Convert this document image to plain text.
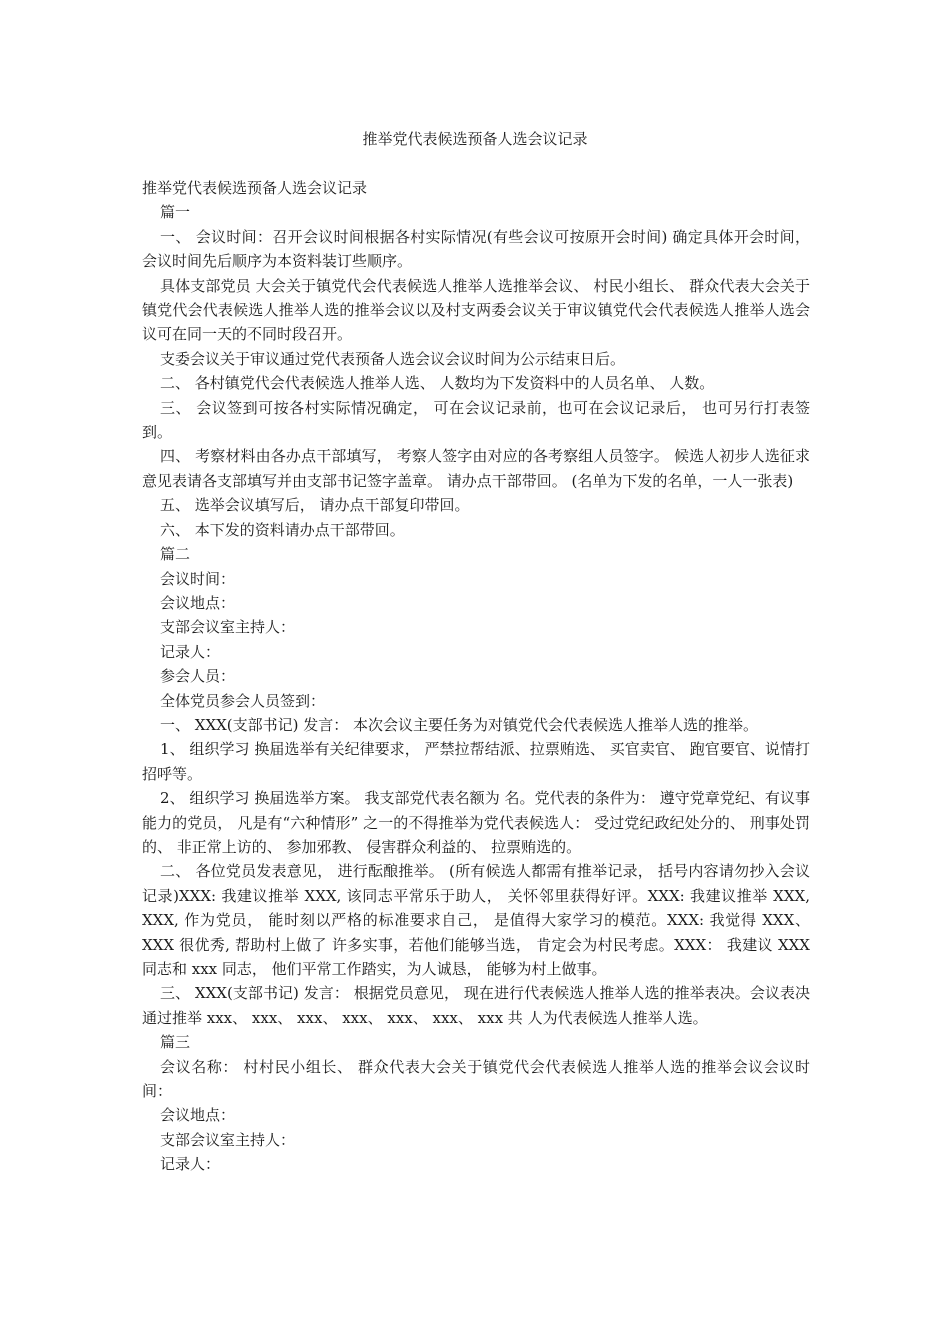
推举党代表候选预备人选会议记录

推举党代表候选预备人选会议记录

篇一

一、 会议时间：召开会议时间根据各村实际情况(有些会议可按原开会时间) 确定具体开会时间， 会议时间先后顺序为本资料装订些顺序。

具体支部党员 大会关于镇党代会代表候选人推举人选推举会议、 村民小组长、 群众代表大会关于镇党代会代表候选人推举人选的推举会议以及村支两委会议关于审议镇党代会代表候选人推举人选会议可在同一天的不同时段召开。

支委会议关于审议通过党代表预备人选会议会议时间为公示结束日后。

二、 各村镇党代会代表候选人推举人选、 人数均为下发资料中的人员名单、 人数。

三、 会议签到可按各村实际情况确定， 可在会议记录前，也可在会议记录后， 也可另行打表签到。

四、 考察材料由各办点干部填写， 考察人签字由对应的各考察组人员签字。 候选人初步人选征求意见表请各支部填写并由支部书记签字盖章。 请办点干部带回。 (名单为下发的名单，一人一张表)

五、 选举会议填写后， 请办点干部复印带回。

六、 本下发的资料请办点干部带回。

篇二

会议时间：

会议地点：

支部会议室主持人：

记录人：

参会人员：

全体党员参会人员签到：

一、 XXX(支部书记) 发言： 本次会议主要任务为对镇党代会代表候选人推举人选的推举。

1、 组织学习 换届选举有关纪律要求， 严禁拉帮结派、拉票贿选、 买官卖官、 跑官要官、说情打招呼等。

2、 组织学习 换届选举方案。 我支部党代表名额为 名。党代表的条件为： 遵守党章党纪、有议事能力的党员， 凡是有“六种情形” 之一的不得推举为党代表候选人： 受过党纪政纪处分的、 刑事处罚的、 非正常上访的、 参加邪教、 侵害群众利益的、 拉票贿选的。

二、 各位党员发表意见， 进行酝酿推举。 (所有候选人都需有推举记录， 括号内容请勿抄入会议记录)XXX: 我建议推举 XXX, 该同志平常乐于助人， 关怀邻里获得好评。XXX: 我建议推举 XXX, XXX, 作为党员， 能时刻以严格的标准要求自己， 是值得大家学习的模范。XXX: 我觉得 XXX、 XXX 很优秀, 帮助村上做了 许多实事，若他们能够当选， 肯定会为村民考虑。XXX： 我建议 XXX 同志和 xxx 同志， 他们平常工作踏实，为人诚恳， 能够为村上做事。

三、 XXX(支部书记) 发言： 根据党员意见， 现在进行代表候选人推举人选的推举表决。会议表决通过推举 xxx、 xxx、 xxx、 xxx、 xxx、 xxx、 xxx 共 人为代表候选人推举人选。

篇三

会议名称： 村村民小组长、 群众代表大会关于镇党代会代表候选人推举人选的推举会议会议时间：

会议地点：

支部会议室主持人：

记录人：
